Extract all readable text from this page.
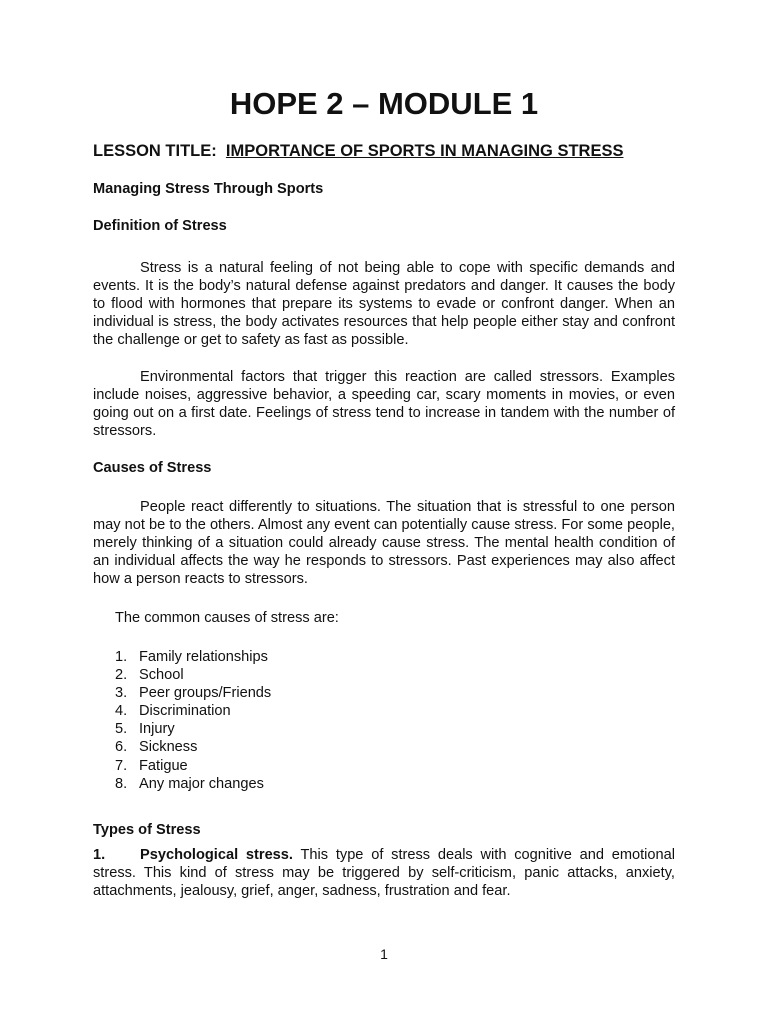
HOPE 2 – MODULE 1

LESSON TITLE: IMPORTANCE OF SPORTS IN MANAGING STRESS

Managing Stress Through Sports

Definition of Stress

Stress is a natural feeling of not being able to cope with specific demands and events. It is the body’s natural defense against predators and danger. It causes the body to flood with hormones that prepare its systems to evade or confront danger. When an individual is stress, the body activates resources that help people either stay and confront the challenge or get to safety as fast as possible.

Environmental factors that trigger this reaction are called stressors. Examples include noises, aggressive behavior, a speeding car, scary moments in movies, or even going out on a first date. Feelings of stress tend to increase in tandem with the number of stressors.

Causes of Stress

People react differently to situations. The situation that is stressful to one person may not be to the others. Almost any event can potentially cause stress. For some people, merely thinking of a situation could already cause stress. The mental health condition of an individual affects the way he responds to stressors. Past experiences may also affect how a person reacts to stressors.

The common causes of stress are:

1. Family relationships
2. School
3. Peer groups/Friends
4. Discrimination
5. Injury
6. Sickness
7. Fatigue
8. Any major changes

Types of Stress

1. Psychological stress. This type of stress deals with cognitive and emotional stress. This kind of stress may be triggered by self-criticism, panic attacks, anxiety, attachments, jealousy, grief, anger, sadness, frustration and fear.

1
